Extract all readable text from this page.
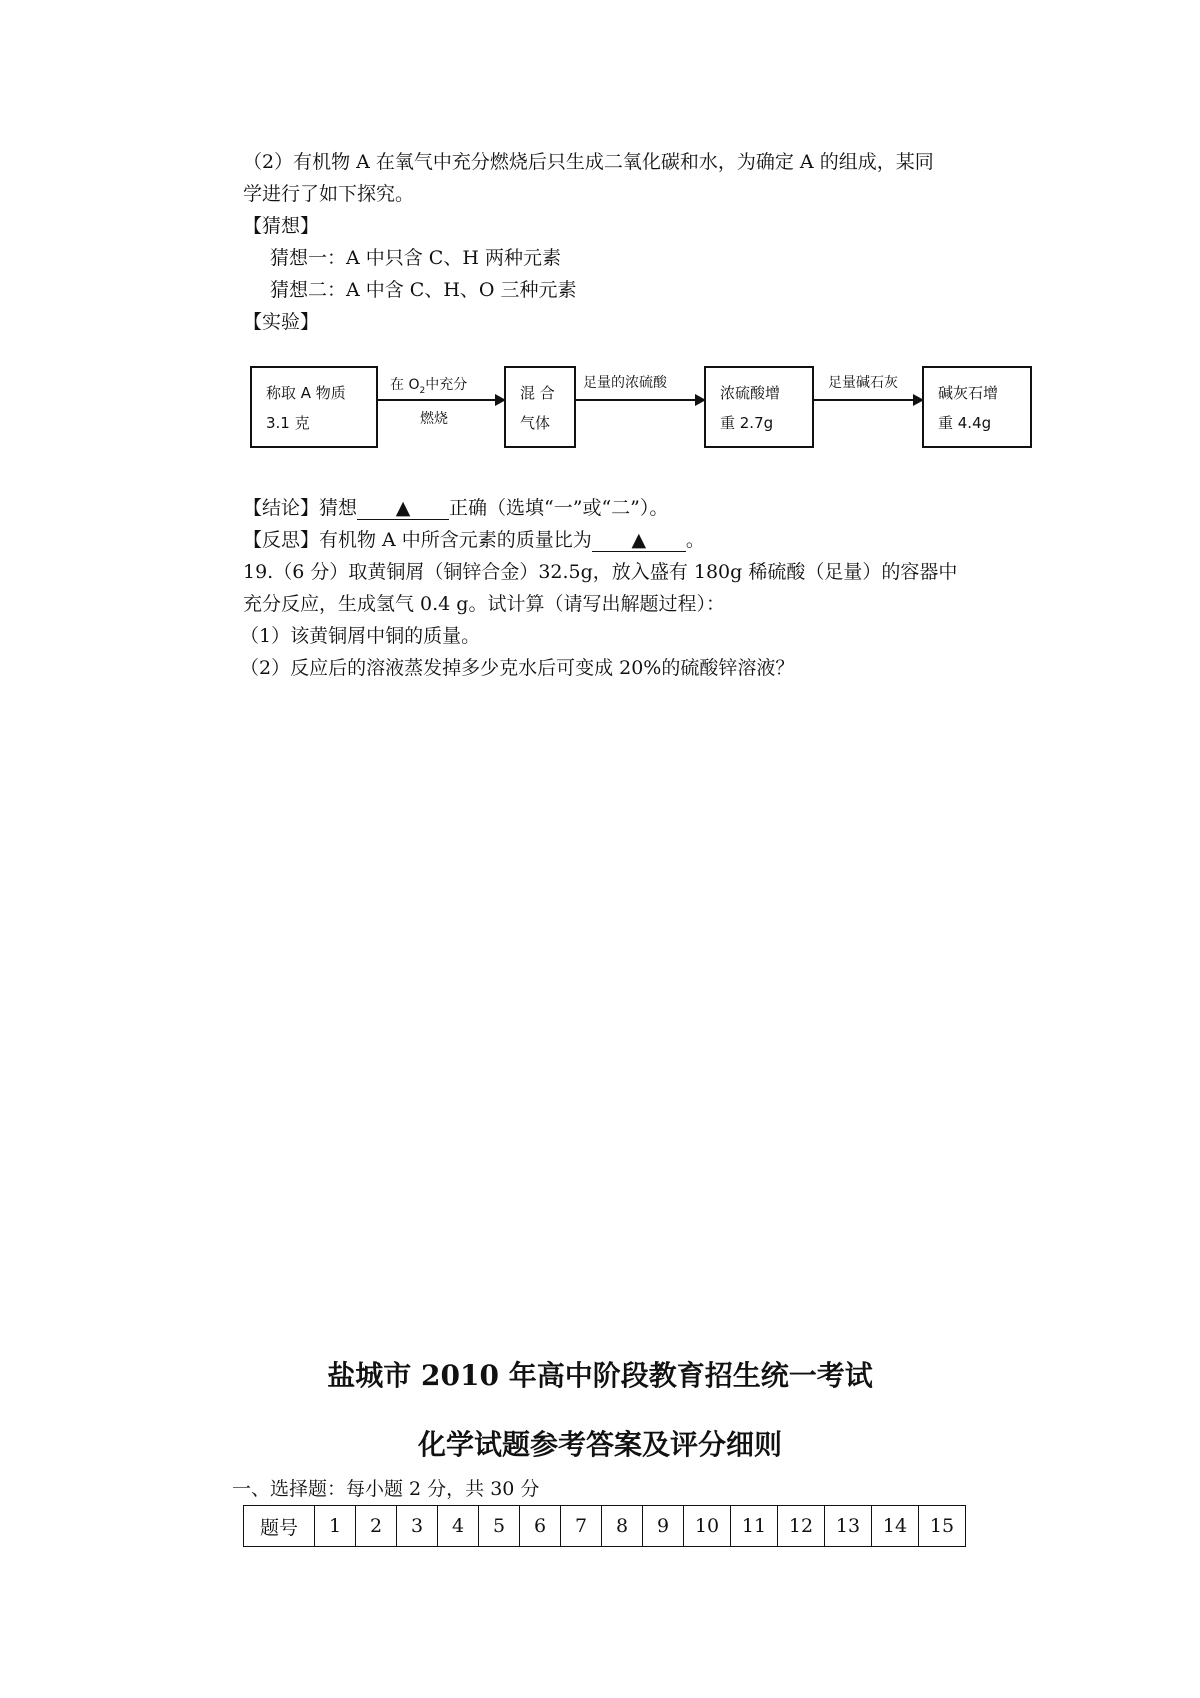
（2）有机物 A 在氧气中充分燃烧后只生成二氧化碳和水，为确定 A 的组成，某同
学进行了如下探究。
【猜想】
猜想一：A 中只含 C、H 两种元素
猜想二：A 中含 C、H、O 三种元素
【实验】
称取 A 物质
3.1 克
在 $O_2$中充分
燃烧
混 合
气体
足量的浓硫酸
浓硫酸增
重 2.7g
足量碱石灰
碱灰石增
重 4.4g
【结论】猜想 ▲ 正确（选填“一”或“二”）。
【反思】有机物 A 中所含元素的质量比为 ▲ 。
19.（6 分）取黄铜屑（铜锌合金）32.5g，放入盛有 180g 稀硫酸（足量）的容器中
充分反应，生成氢气 0.4 g。试计算（请写出解题过程）：
（1）该黄铜屑中铜的质量。
（2）反应后的溶液蒸发掉多少克水后可变成 20%的硫酸锌溶液？
盐城市 2010 年高中阶段教育招生统一考试
化学试题参考答案及评分细则
一、选择题：每小题 2 分，共 30 分
题号	1	2	3	4	5	6	7	8	9	10	11	12	13	14	15
